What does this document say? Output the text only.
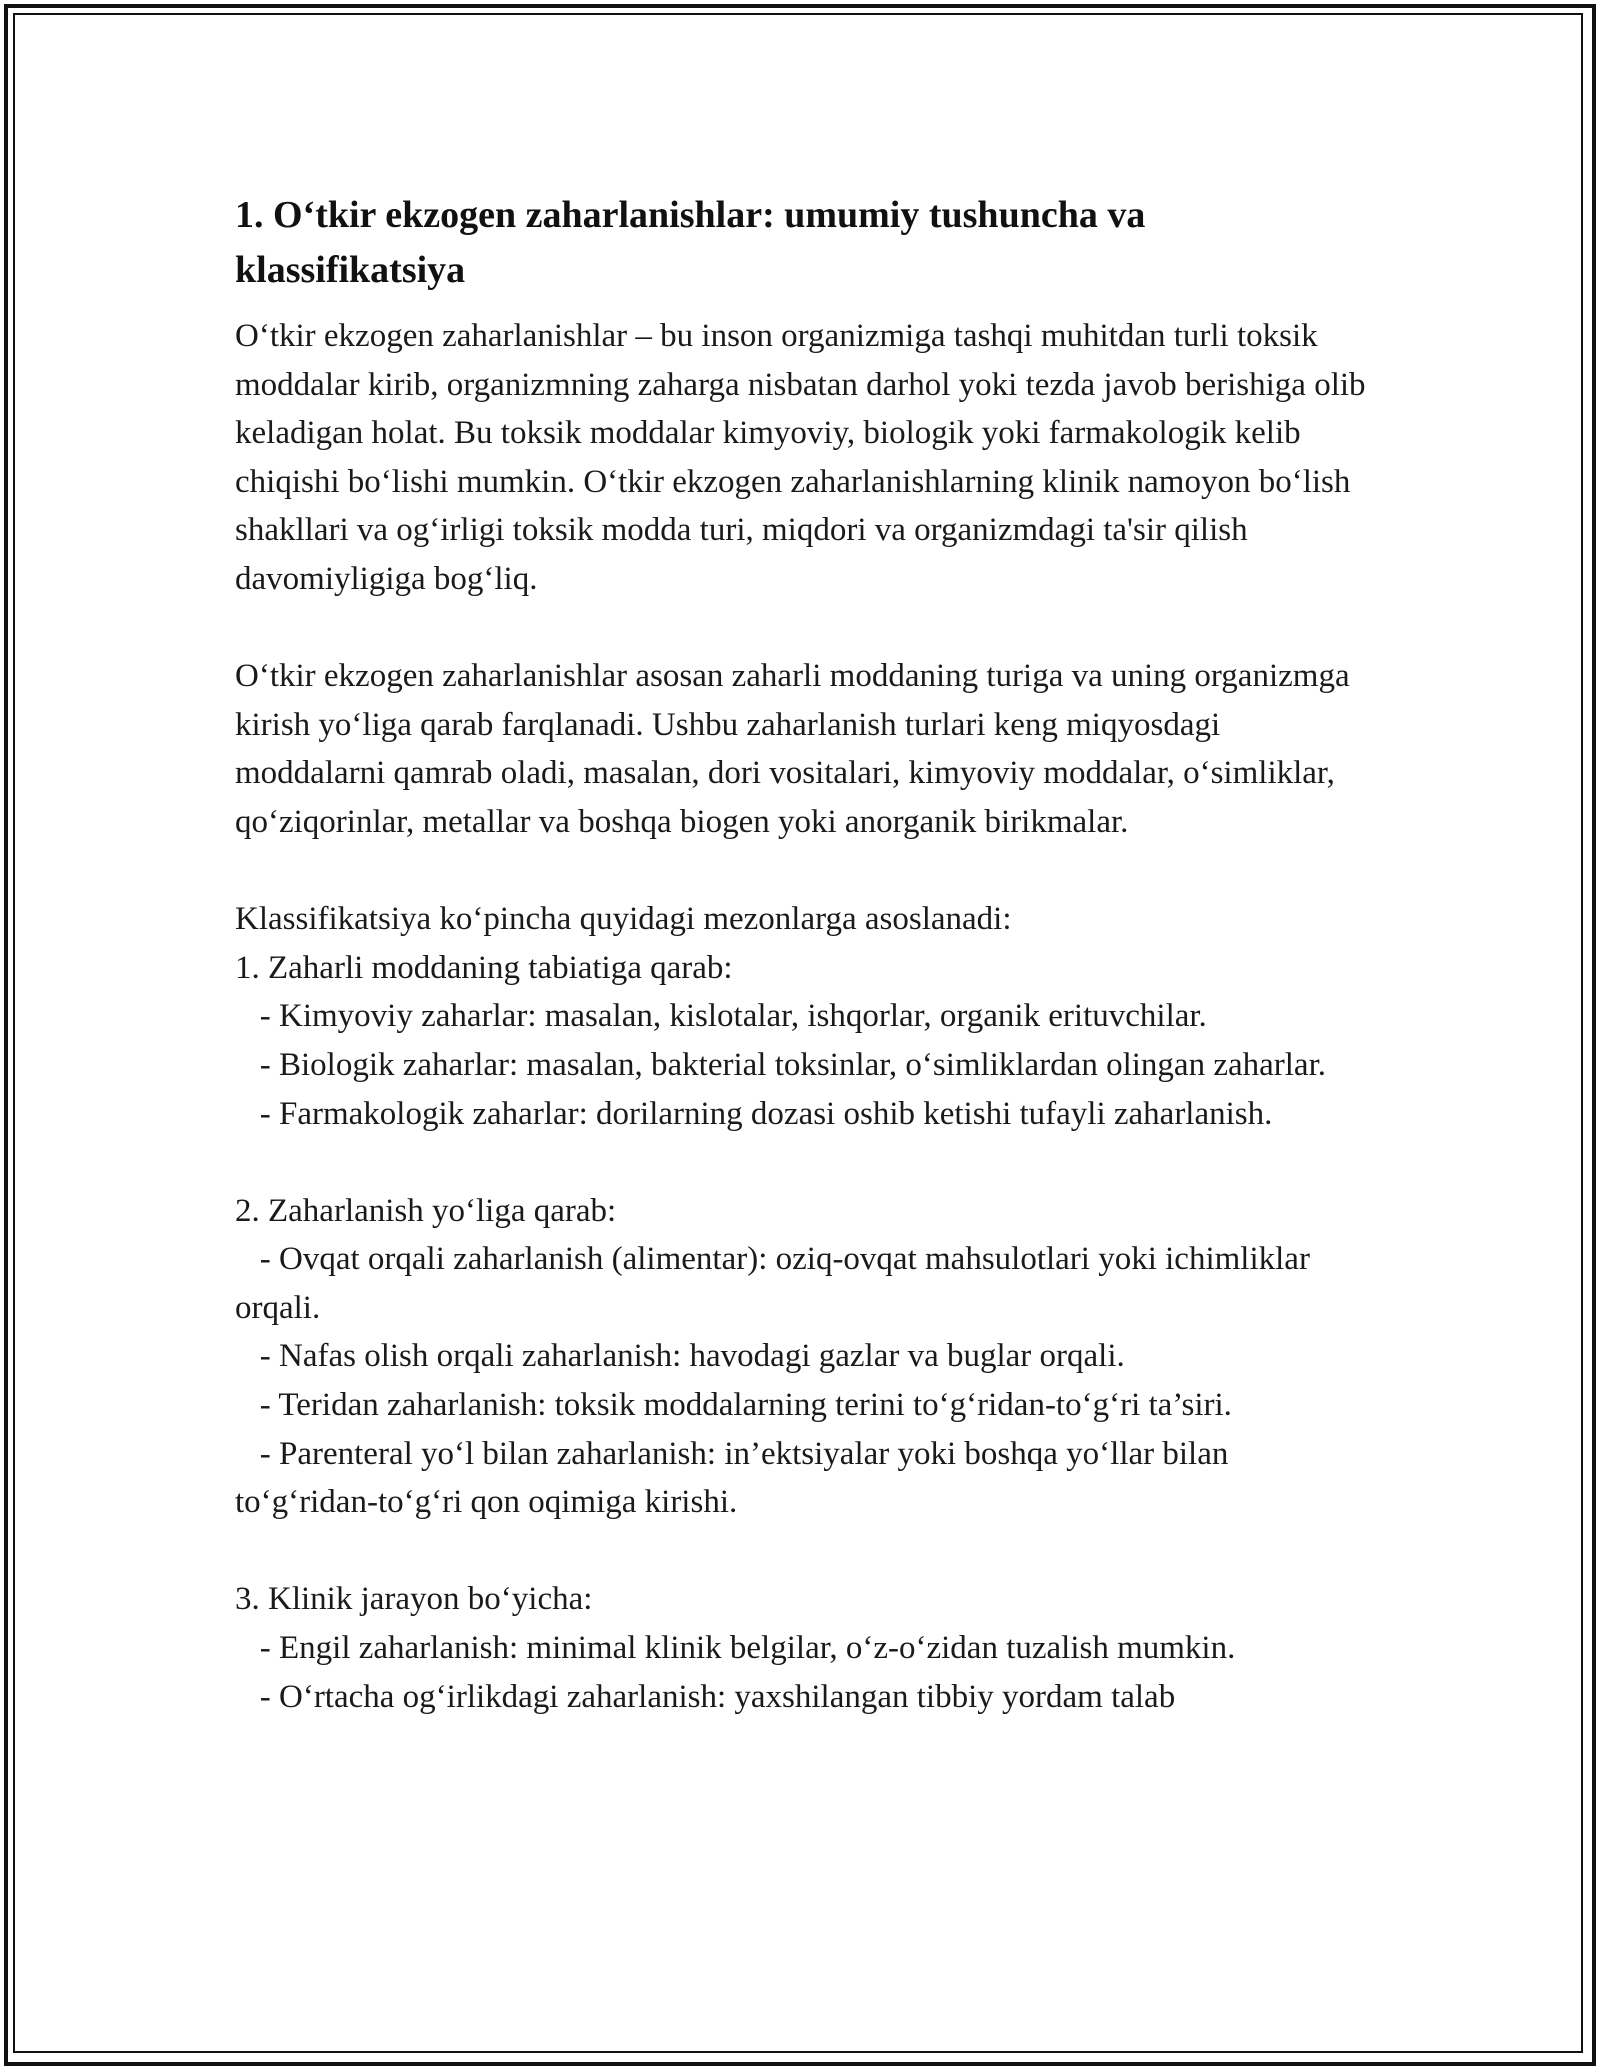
1. O‘tkir ekzogen zaharlanishlar: umumiy tushuncha va klassifikatsiya

O‘tkir ekzogen zaharlanishlar – bu inson organizmiga tashqi muhitdan turli toksik moddalar kirib, organizmning zaharga nisbatan darhol yoki tezda javob berishiga olib keladigan holat. Bu toksik moddalar kimyoviy, biologik yoki farmakologik kelib chiqishi bo‘lishi mumkin. O‘tkir ekzogen zaharlanishlarning klinik namoyon bo‘lish shakllari va og‘irligi toksik modda turi, miqdori va organizmdagi ta'sir qilish davomiyligiga bog‘liq.

O‘tkir ekzogen zaharlanishlar asosan zaharli moddaning turiga va uning organizmga kirish yo‘liga qarab farqlanadi. Ushbu zaharlanish turlari keng miqyosdagi moddalarni qamrab oladi, masalan, dori vositalari, kimyoviy moddalar, o‘simliklar, qo‘ziqorinlar, metallar va boshqa biogen yoki anorganik birikmalar.

Klassifikatsiya ko‘pincha quyidagi mezonlarga asoslanadi:

1. Zaharli moddaning tabiatiga qarab:

- Kimyoviy zaharlar: masalan, kislotalar, ishqorlar, organik erituvchilar.
- Biologik zaharlar: masalan, bakterial toksinlar, o‘simliklardan olingan zaharlar.
- Farmakologik zaharlar: dorilarning dozasi oshib ketishi tufayli zaharlanish.

2. Zaharlanish yo‘liga qarab:

- Ovqat orqali zaharlanish (alimentar): oziq-ovqat mahsulotlari yoki ichimliklar orqali.
- Nafas olish orqali zaharlanish: havodagi gazlar va buglar orqali.
- Teridan zaharlanish: toksik moddalarning terini to‘g‘ridan-to‘g‘ri ta’siri.
- Parenteral yo‘l bilan zaharlanish: in’ektsiyalar yoki boshqa yo‘llar bilan to‘g‘ridan-to‘g‘ri qon oqimiga kirishi.

3. Klinik jarayon bo‘yicha:

- Engil zaharlanish: minimal klinik belgilar, o‘z-o‘zidan tuzalish mumkin.
- O‘rtacha og‘irlikdagi zaharlanish: yaxshilangan tibbiy yordam talab
